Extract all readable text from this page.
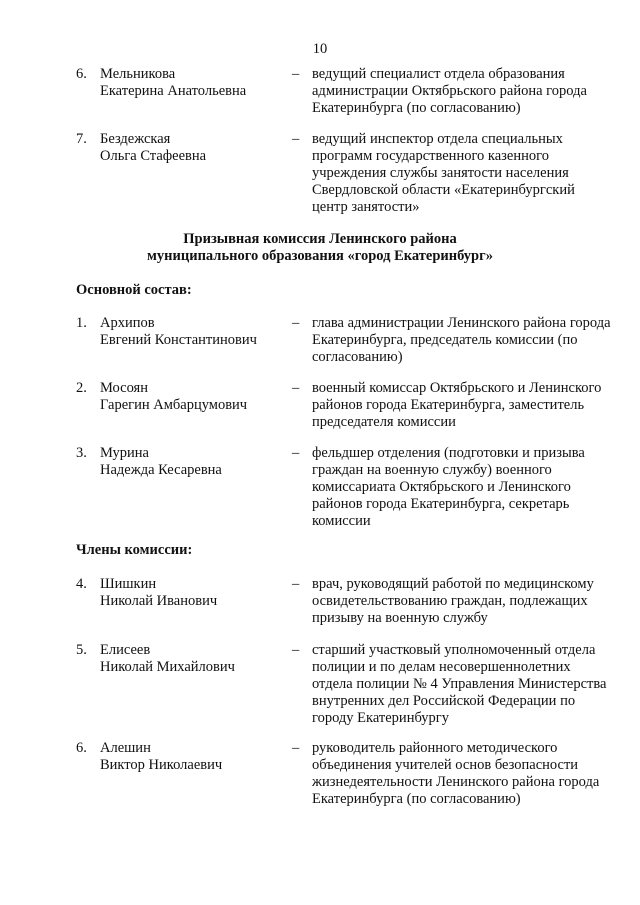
10
6. Мельникова
Екатерина Анатольевна
– ведущий специалист отдела образования администрации Октябрьского района города Екатеринбурга (по согласованию)
7. Бездежская
Ольга Стафеевна
– ведущий инспектор отдела специальных программ государственного казенного учреждения службы занятости населения Свердловской области «Екатеринбургский центр занятости»
Призывная комиссия Ленинского района
муниципального образования «город Екатеринбург»
Основной состав:
1. Архипов
Евгений Константинович
– глава администрации Ленинского района города Екатеринбурга, председатель комиссии (по согласованию)
2. Мосоян
Гарегин Амбарцумович
– военный комиссар Октябрьского и Ленинского районов города Екатеринбурга, заместитель председателя комиссии
3. Мурина
Надежда Кесаревна
– фельдшер отделения (подготовки и призыва граждан на военную службу) военного комиссариата Октябрьского и Ленинского районов города Екатеринбурга, секретарь комиссии
Члены комиссии:
4. Шишкин
Николай Иванович
– врач, руководящий работой по медицинскому освидетельствованию граждан, подлежащих призыву на военную службу
5. Елисеев
Николай Михайлович
– старший участковый уполномоченный отдела полиции и по делам несовершеннолетних отдела полиции № 4 Управления Министерства внутренних дел Российской Федерации по городу Екатеринбургу
6. Алешин
Виктор Николаевич
– руководитель районного методического объединения учителей основ безопасности жизнедеятельности Ленинского района города Екатеринбурга (по согласованию)
